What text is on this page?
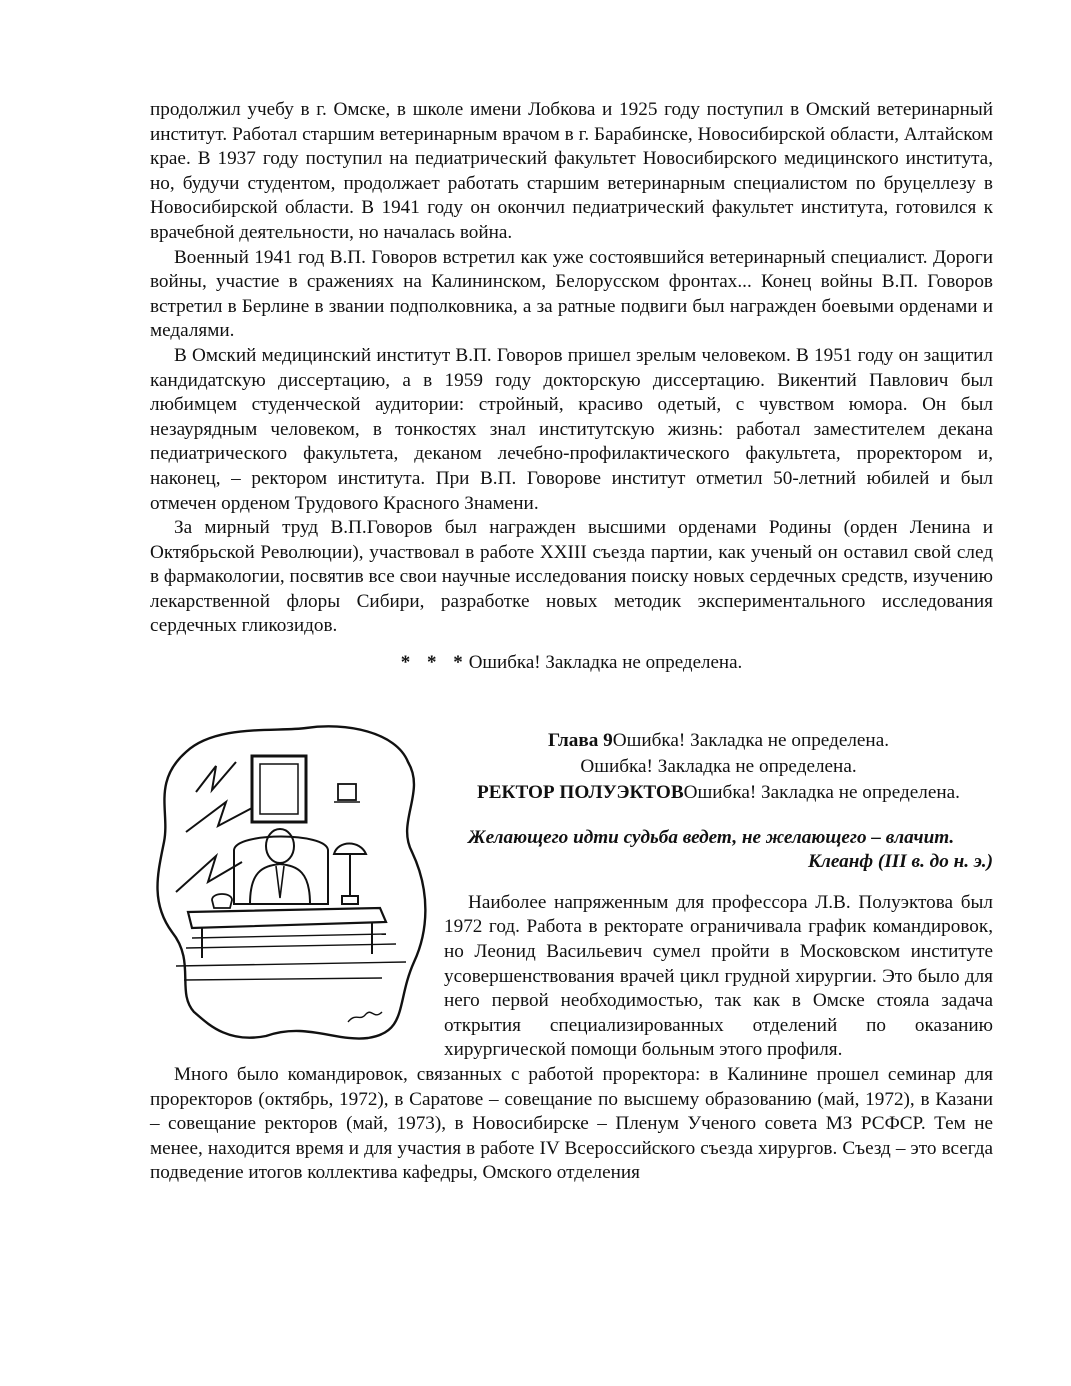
продолжил учебу в г. Омске, в школе имени Лобкова и 1925 году поступил в Омский ветеринарный институт. Работал старшим ветеринарным врачом в г. Барабинске, Новосибирской области, Алтайском крае. В 1937 году поступил на педиатрический факультет Новосибирского медицинского института, но, будучи студентом, продолжает работать старшим ветеринарным специалистом по бруцеллезу в Новосибирской области. В 1941 году он окончил педиатрический факультет института, готовился к врачебной деятельности, но началась война.

Военный 1941 год В.П. Говоров встретил как уже состоявшийся ветеринарный специалист. Дороги войны, участие в сражениях на Калининском, Белорусском фронтах... Конец войны В.П. Говоров встретил в Берлине в звании подполковника, а за ратные подвиги был награжден боевыми орденами и медалями.

В Омский медицинский институт В.П. Говоров пришел зрелым человеком. В 1951 году он защитил кандидатскую диссертацию, а в 1959 году докторскую диссертацию. Викентий Павлович был любимцем студенческой аудитории: стройный, красиво одетый, с чувством юмора. Он был незаурядным человеком, в тонкостях знал институтскую жизнь: работал заместителем декана педиатрического факультета, деканом лечебно-профилактического факультета, проректором и, наконец, – ректором института. При В.П. Говорове институт отметил 50-летний юбилей и был отмечен орденом Трудового Красного Знамени.

За мирный труд В.П.Говоров был награжден высшими орденами Родины (орден Ленина и Октябрьской Революции), участвовал в работе XXIII съезда партии, как ученый он оставил свой след в фармакологии, посвятив все свои научные исследования поиску новых сердечных средств, изучению лекарственной флоры Сибири, разработке новых методик экспериментального исследования сердечных гликозидов.

* * *Ошибка! Закладка не определена.
Глава 9Ошибка! Закладка не определена.
Ошибка! Закладка не определена.
РЕКТОР ПОЛУЭКТОВОшибка! Закладка не определена.
Желающего идти судьба ведет, не желающего – влачит.
Клеанф (III в. до н. э.)

Наиболее напряженным для профессора Л.В. Полуэктова был 1972 год. Работа в ректорате ограничивала график командировок, но Леонид Васильевич сумел пройти в Московском институте усовершенствования врачей цикл грудной хирургии. Это было для него первой необходимостью, так как в Омске стояла задача открытия специализированных отделений по оказанию хирургической помощи больным этого профиля.

Много было командировок, связанных с работой проректора: в Калинине прошел семинар для проректоров (октябрь, 1972), в Саратове – совещание по высшему образованию (май, 1972), в Казани – совещание ректоров (май, 1973), в Новосибирске – Пленум Ученого совета МЗ РСФСР. Тем не менее, находится время и для участия в работе IV Всероссийского съезда хирургов. Съезд – это всегда подведение итогов коллектива кафедры, Омского отделения
